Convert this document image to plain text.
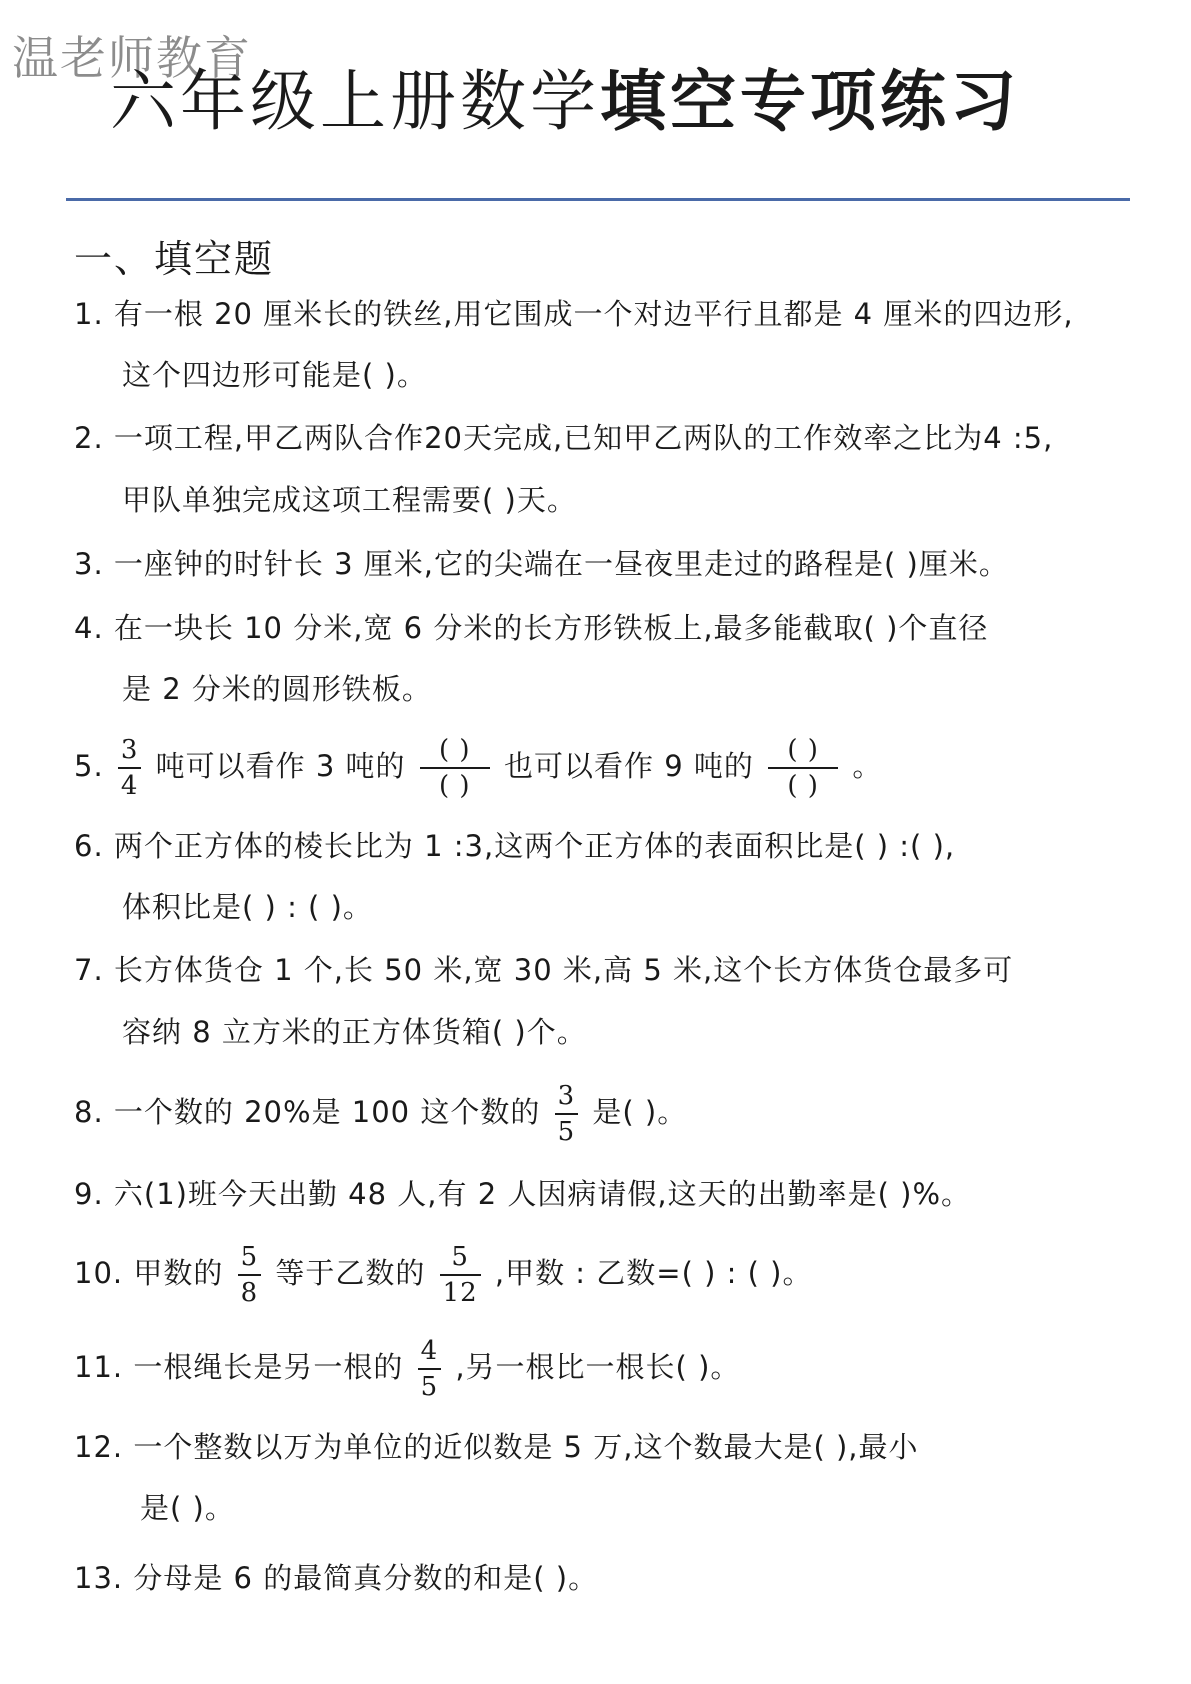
温老师教育
六年级上册数学填空专项练习
一、填空题
1. 有一根 20 厘米长的铁丝,用它围成一个对边平行且都是 4 厘米的四边形,
这个四边形可能是( )。
2. 一项工程,甲乙两队合作20天完成,已知甲乙两队的工作效率之比为4 :5,
甲队单独完成这项工程需要( )天。
3. 一座钟的时针长 3 厘米,它的尖端在一昼夜里走过的路程是( )厘米。
4. 在一块长 10 分米,宽 6 分米的长方形铁板上,最多能截取( )个直径
是 2 分米的圆形铁板。
5. $\frac{3}{4}$ 吨可以看作 3 吨的 $\frac{( )}{( )}$ 也可以看作 9 吨的 $\frac{( )}{( )}$ 。
6. 两个正方体的棱长比为 1 :3,这两个正方体的表面积比是( ) :( ),
体积比是( ) : ( )。
7. 长方体货仓 1 个,长 50 米,宽 30 米,高 5 米,这个长方体货仓最多可
容纳 8 立方米的正方体货箱( )个。
8. 一个数的 20%是 100 这个数的 $\frac{3}{5}$ 是( )。
9. 六(1)班今天出勤 48 人,有 2 人因病请假,这天的出勤率是( )%。
10. 甲数的 $\frac{5}{8}$ 等于乙数的 $\frac{5}{12}$ ,甲数 : 乙数=( ) : ( )。
11. 一根绳长是另一根的 $\frac{4}{5}$ ,另一根比一根长( )。
12. 一个整数以万为单位的近似数是 5 万,这个数最大是( ),最小
是( )。
13. 分母是 6 的最简真分数的和是( )。
